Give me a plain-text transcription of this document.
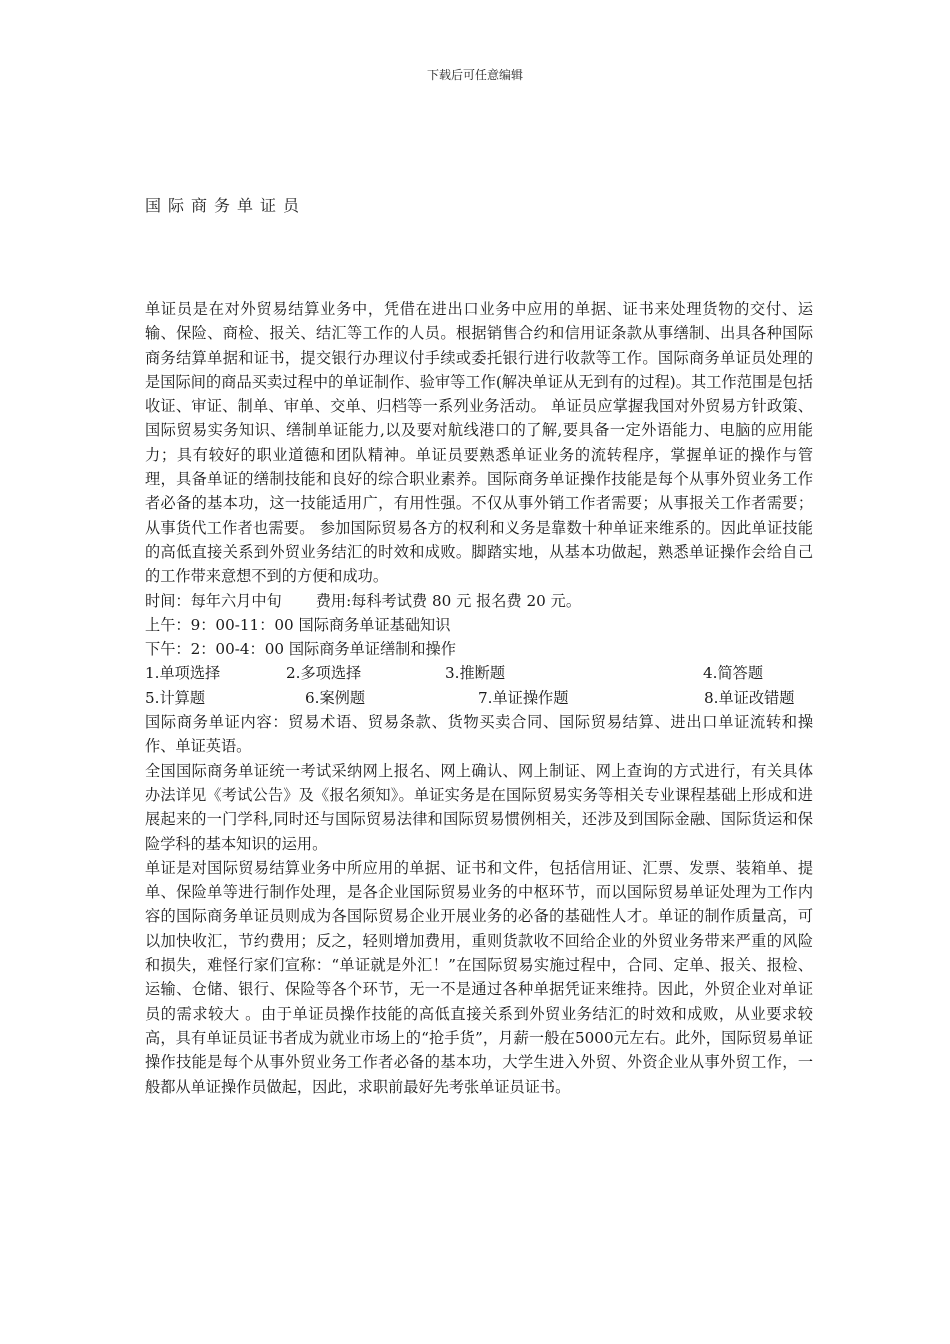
下载后可任意编辑
国际商务单证员

单证员是在对外贸易结算业务中，凭借在进出口业务中应用的单据、证书来处理货物的交付、运输、保险、商检、报关、结汇等工作的人员。根据销售合约和信用证条款从事缮制、出具各种国际商务结算单据和证书，提交银行办理议付手续或委托银行进行收款等工作。国际商务单证员处理的是国际间的商品买卖过程中的单证制作、验审等工作(解决单证从无到有的过程)。其工作范围是包括收证、审证、制单、审单、交单、归档等一系列业务活动。 单证员应掌握我国对外贸易方针政策、国际贸易实务知识、缮制单证能力,以及要对航线港口的了解,要具备一定外语能力、电脑的应用能力；具有较好的职业道德和团队精神。单证员要熟悉单证业务的流转程序，掌握单证的操作与管理，具备单证的缮制技能和良好的综合职业素养。国际商务单证操作技能是每个从事外贸业务工作者必备的基本功，这一技能适用广，有用性强。不仅从事外销工作者需要；从事报关工作者需要；从事货代工作者也需要。 参加国际贸易各方的权利和义务是靠数十种单证来维系的。因此单证技能的高低直接关系到外贸业务结汇的时效和成败。脚踏实地，从基本功做起，熟悉单证操作会给自己的工作带来意想不到的方便和成功。

时间：每年六月中旬 费用:每科考试费 80 元 报名费 20 元。
上午：9：00-11：00 国际商务单证基础知识
下午：2：00-4：00 国际商务单证缮制和操作
1.单项选择	2.多项选择	3.推断题	4.简答题
5.计算题	6.案例题	7.单证操作题	8.单证改错题

国际商务单证内容：贸易术语、贸易条款、货物买卖合同、国际贸易结算、进出口单证流转和操作、单证英语。

全国国际商务单证统一考试采纳网上报名、网上确认、网上制证、网上查询的方式进行，有关具体办法详见《考试公告》及《报名须知》。单证实务是在国际贸易实务等相关专业课程基础上形成和进展起来的一门学科,同时还与国际贸易法律和国际贸易惯例相关，还涉及到国际金融、国际货运和保险学科的基本知识的运用。

单证是对国际贸易结算业务中所应用的单据、证书和文件，包括信用证、汇票、发票、装箱单、提单、保险单等进行制作处理，是各企业国际贸易业务的中枢环节，而以国际贸易单证处理为工作内容的国际商务单证员则成为各国际贸易企业开展业务的必备的基础性人才。单证的制作质量高，可以加快收汇，节约费用；反之，轻则增加费用，重则货款收不回给企业的外贸业务带来严重的风险和损失，难怪行家们宣称：“单证就是外汇！”在国际贸易实施过程中，合同、定单、报关、报检、运输、仓储、银行、保险等各个环节，无一不是通过各种单据凭证来维持。因此，外贸企业对单证员的需求较大 。由于单证员操作技能的高低直接关系到外贸业务结汇的时效和成败，从业要求较高，具有单证员证书者成为就业市场上的“抢手货”，月薪一般在5000元左右。此外，国际贸易单证操作技能是每个从事外贸业务工作者必备的基本功，大学生进入外贸、外资企业从事外贸工作，一般都从单证操作员做起，因此，求职前最好先考张单证员证书。
